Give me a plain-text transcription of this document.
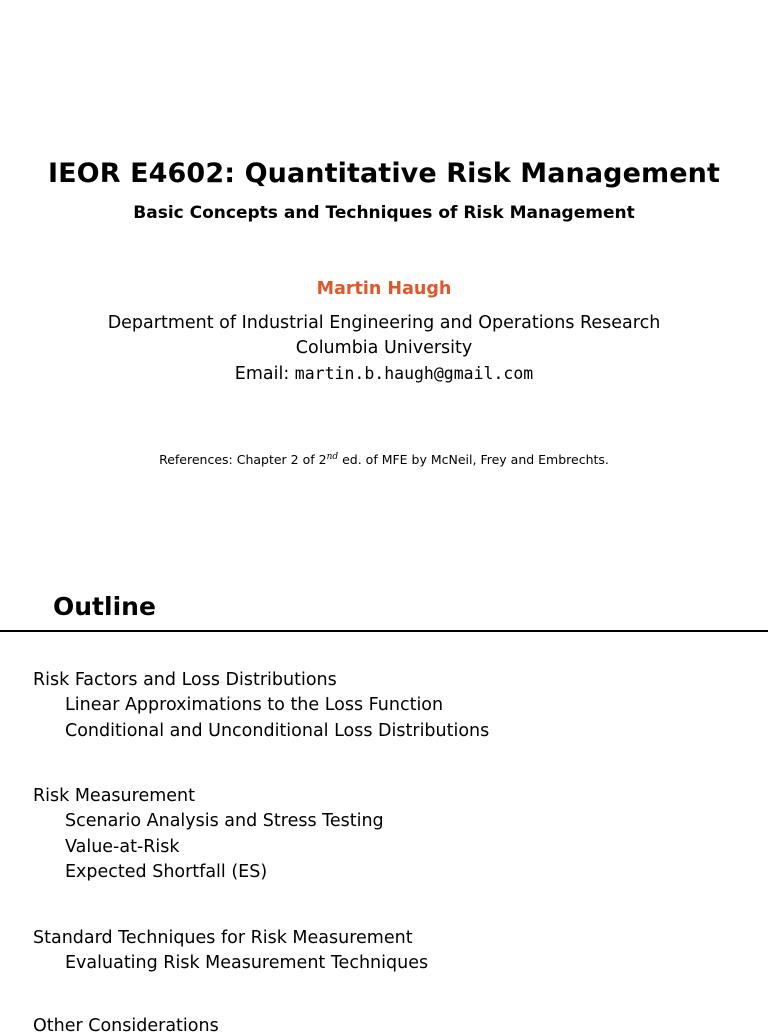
IEOR E4602: Quantitative Risk Management
Basic Concepts and Techniques of Risk Management
Martin Haugh
Department of Industrial Engineering and Operations Research
Columbia University
Email: martin.b.haugh@gmail.com
References: Chapter 2 of 2nd ed. of MFE by McNeil, Frey and Embrechts.
Outline
Risk Factors and Loss Distributions
Linear Approximations to the Loss Function
Conditional and Unconditional Loss Distributions
Risk Measurement
Scenario Analysis and Stress Testing
Value-at-Risk
Expected Shortfall (ES)
Standard Techniques for Risk Measurement
Evaluating Risk Measurement Techniques
Other Considerations
